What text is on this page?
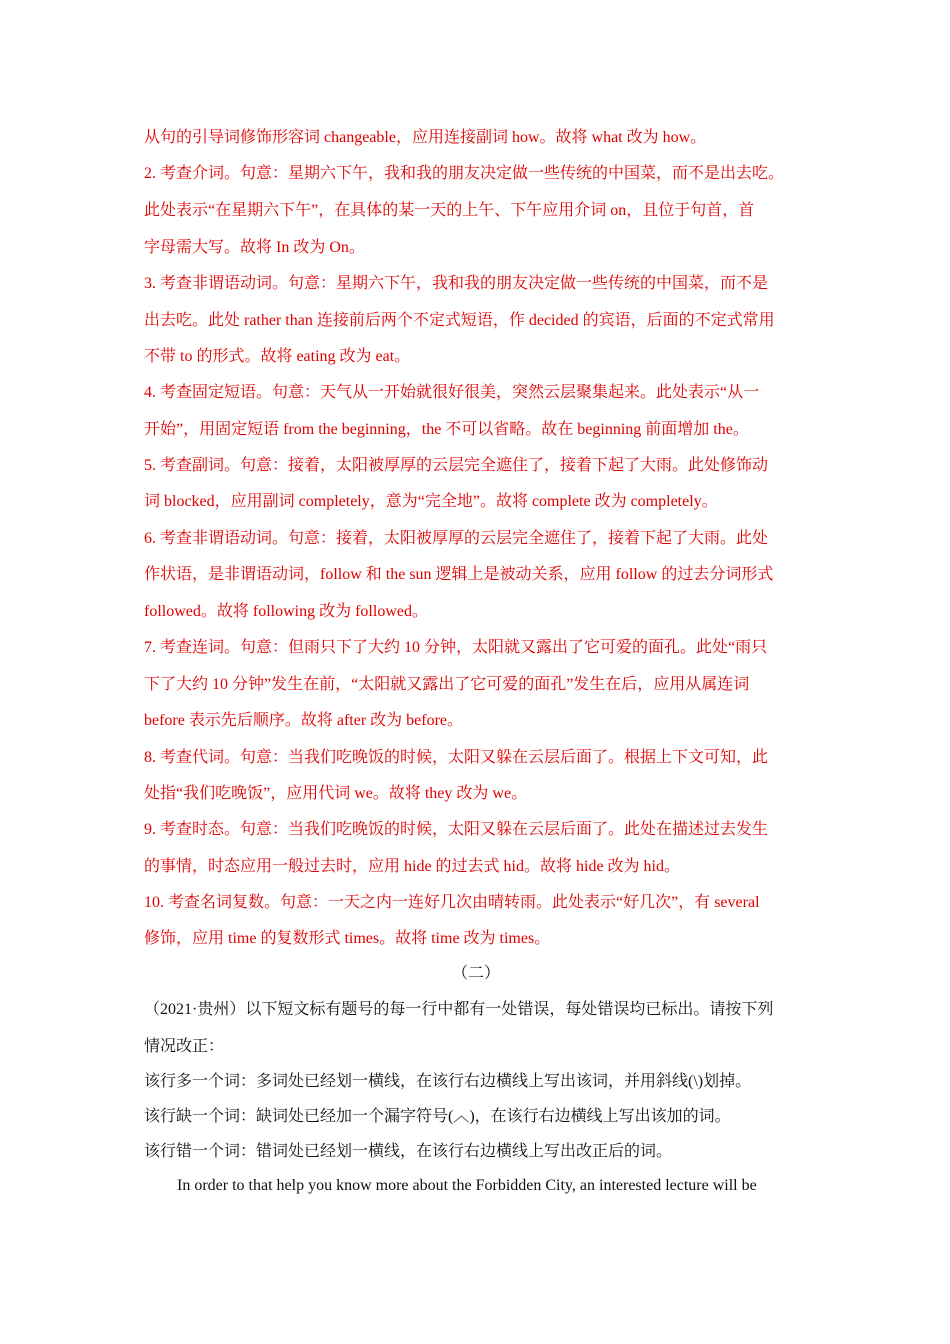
从句的引导词修饰形容词 changeable，应用连接副词 how。故将 what 改为 how。
2. 考查介词。句意：星期六下午，我和我的朋友决定做一些传统的中国菜，而不是出去吃。
此处表示“在星期六下午”，在具体的某一天的上午、下午应用介词 on，且位于句首，首
字母需大写。故将 In 改为 On。
3. 考查非谓语动词。句意：星期六下午，我和我的朋友决定做一些传统的中国菜，而不是
出去吃。此处 rather than 连接前后两个不定式短语，作 decided 的宾语，后面的不定式常用
不带 to 的形式。故将 eating 改为 eat。
4. 考查固定短语。句意：天气从一开始就很好很美，突然云层聚集起来。此处表示“从一
开始”，用固定短语 from the beginning，the 不可以省略。故在 beginning 前面增加 the。
5. 考查副词。句意：接着，太阳被厚厚的云层完全遮住了，接着下起了大雨。此处修饰动
词 blocked，应用副词 completely，意为“完全地”。故将 complete 改为 completely。
6. 考查非谓语动词。句意：接着，太阳被厚厚的云层完全遮住了，接着下起了大雨。此处
作状语，是非谓语动词，follow 和 the sun 逻辑上是被动关系，应用 follow 的过去分词形式
followed。故将 following 改为 followed。
7. 考查连词。句意：但雨只下了大约 10 分钟，太阳就又露出了它可爱的面孔。此处“雨只
下了大约 10 分钟”发生在前，“太阳就又露出了它可爱的面孔”发生在后，应用从属连词
before 表示先后顺序。故将 after 改为 before。
8. 考查代词。句意：当我们吃晚饭的时候，太阳又躲在云层后面了。根据上下文可知，此
处指“我们吃晚饭”，应用代词 we。故将 they 改为 we。
9. 考查时态。句意：当我们吃晚饭的时候，太阳又躲在云层后面了。此处在描述过去发生
的事情，时态应用一般过去时，应用 hide 的过去式 hid。故将 hide 改为 hid。
10. 考查名词复数。句意：一天之内一连好几次由晴转雨。此处表示“好几次”，有 several
修饰，应用 time 的复数形式 times。故将 time 改为 times。
（二）
（2021·贵州）以下短文标有题号的每一行中都有一处错误，每处错误均已标出。请按下列
情况改正：
该行多一个词：多词处已经划一横线，在该行右边横线上写出该词，并用斜线(\)划掉。
该行缺一个词：缺词处已经加一个漏字符号(︿)，在该行右边横线上写出该加的词。
该行错一个词：错词处已经划一横线，在该行右边横线上写出改正后的词。
In order to that help you know more about the Forbidden City, an interested lecture will be
